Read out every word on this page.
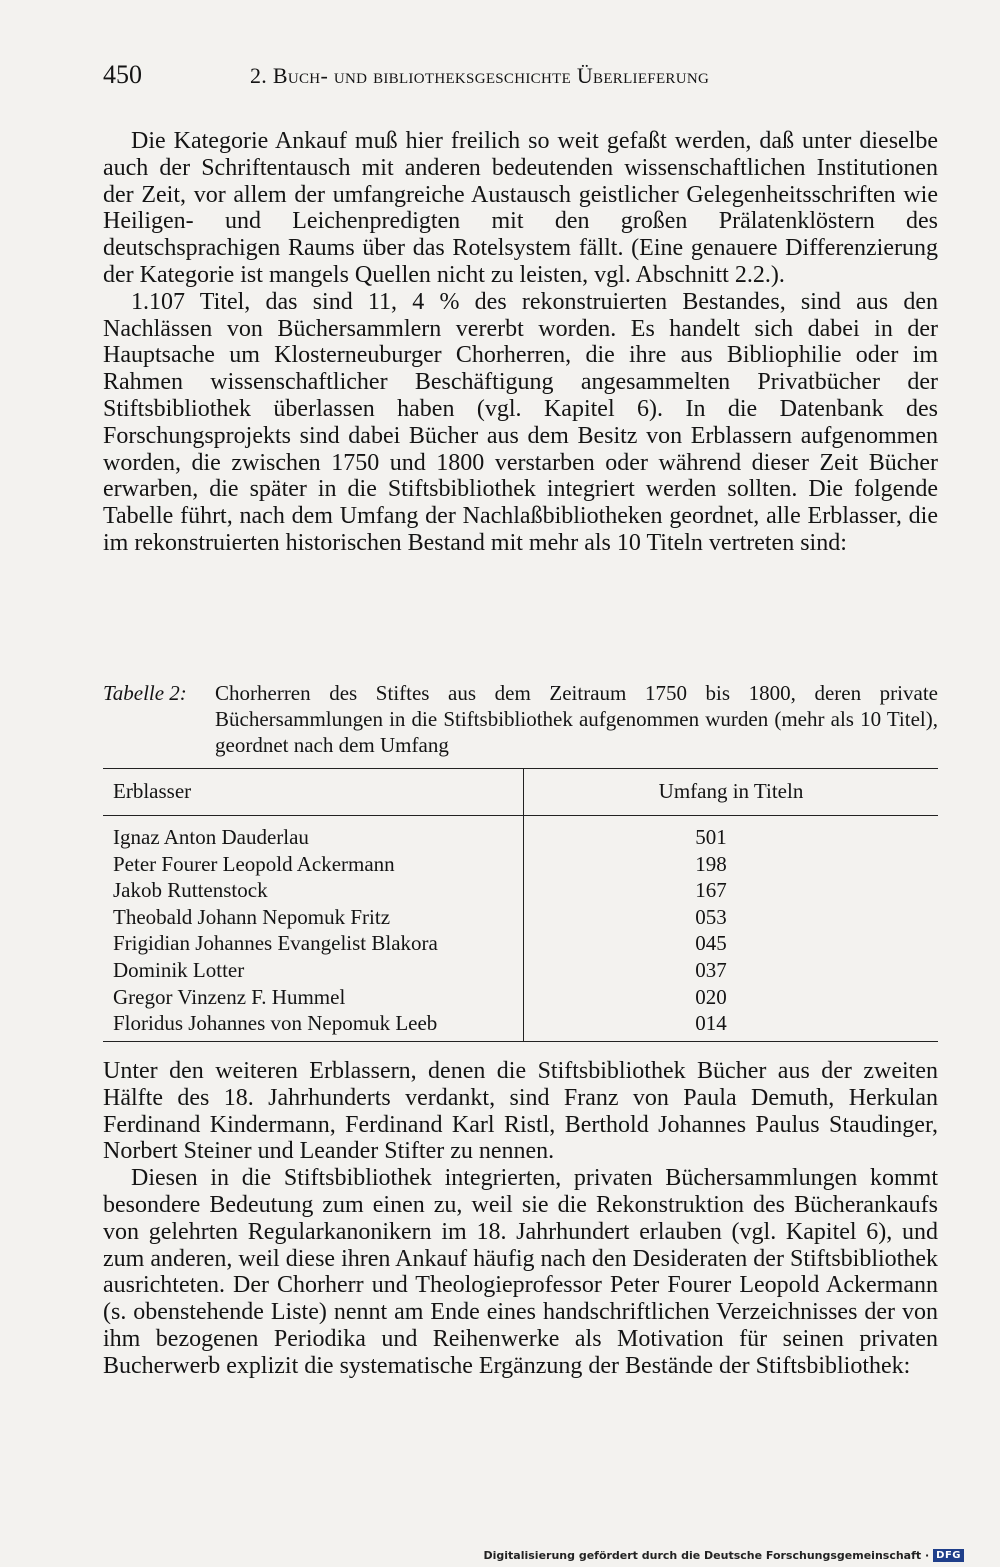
450	2. Buch- und bibliotheksgeschichte Überlieferung

Die Kategorie Ankauf muß hier freilich so weit gefaßt werden, daß unter dieselbe auch der Schriftentausch mit anderen bedeutenden wissenschaftlichen Institutionen der Zeit, vor allem der umfangreiche Austausch geistlicher Gelegenheitsschriften wie Heiligen- und Leichenpredigten mit den großen Prälatenklöstern des deutschsprachigen Raums über das Rotelsystem fällt. (Eine genauere Differenzierung der Kategorie ist mangels Quellen nicht zu leisten, vgl. Abschnitt 2.2.).

1.107 Titel, das sind 11, 4 % des rekonstruierten Bestandes, sind aus den Nachlässen von Büchersammlern vererbt worden. Es handelt sich dabei in der Hauptsache um Klosterneuburger Chorherren, die ihre aus Bibliophilie oder im Rahmen wissenschaftlicher Beschäftigung angesammelten Privatbücher der Stiftsbibliothek überlassen haben (vgl. Kapitel 6). In die Datenbank des Forschungsprojekts sind dabei Bücher aus dem Besitz von Erblassern aufgenommen worden, die zwischen 1750 und 1800 verstarben oder während dieser Zeit Bücher erwarben, die später in die Stiftsbibliothek integriert werden sollten. Die folgende Tabelle führt, nach dem Umfang der Nachlaßbibliotheken geordnet, alle Erblasser, die im rekonstruierten historischen Bestand mit mehr als 10 Titeln vertreten sind:

Tabelle 2: Chorherren des Stiftes aus dem Zeitraum 1750 bis 1800, deren private Büchersammlungen in die Stiftsbibliothek aufgenommen wurden (mehr als 10 Titel), geordnet nach dem Umfang
Erblasser	Umfang in Titeln
Ignaz Anton Dauderlau	501
Peter Fourer Leopold Ackermann	198
Jakob Ruttenstock	167
Theobald Johann Nepomuk Fritz	053
Frigidian Johannes Evangelist Blakora	045
Dominik Lotter	037
Gregor Vinzenz F. Hummel	020
Floridus Johannes von Nepomuk Leeb	014

Unter den weiteren Erblassern, denen die Stiftsbibliothek Bücher aus der zweiten Hälfte des 18. Jahrhunderts verdankt, sind Franz von Paula Demuth, Herkulan Ferdinand Kindermann, Ferdinand Karl Ristl, Berthold Johannes Paulus Staudinger, Norbert Steiner und Leander Stifter zu nennen.

Diesen in die Stiftsbibliothek integrierten, privaten Büchersammlungen kommt besondere Bedeutung zum einen zu, weil sie die Rekonstruktion des Bücherankaufs von gelehrten Regularkanonikern im 18. Jahrhundert erlauben (vgl. Kapitel 6), und zum anderen, weil diese ihren Ankauf häufig nach den Desideraten der Stiftsbibliothek ausrichteten. Der Chorherr und Theologieprofessor Peter Fourer Leopold Ackermann (s. obenstehende Liste) nennt am Ende eines handschriftlichen Verzeichnisses der von ihm bezogenen Periodika und Reihenwerke als Motivation für seinen privaten Bucherwerb explizit die systematische Ergänzung der Bestände der Stiftsbibliothek:

Digitalisierung gefördert durch die Deutsche Forschungsgemeinschaft · DFG
